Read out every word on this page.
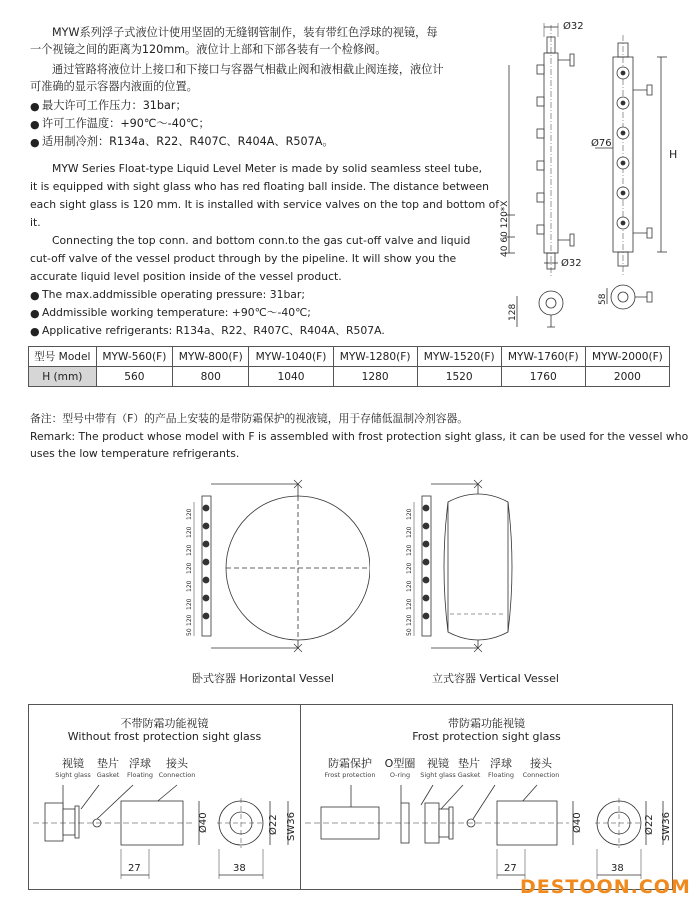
MYW系列浮子式液位计使用坚固的无缝钢管制作，装有带红色浮球的视镜，每
一个视镜之间的距离为120mm。液位计上部和下部各装有一个检修阀。
通过管路将液位计上接口和下接口与容器气相截止阀和液相截止阀连接，液位计
可准确的显示容器内液面的位置。
● 最大许可工作压力：31bar；
● 许可工作温度：+90℃～-40℃；
● 适用制冷剂：R134a、R22、R407C、R404A、R507A。
MYW Series Float-type Liquid Level Meter is made by solid seamless steel tube,
it is equipped with sight glass who has red floating ball inside. The distance between
each sight glass is 120 mm. It is installed with service valves on the top and bottom of
it.
Connecting the top conn. and bottom conn.to the gas cut-off valve and liquid
cut-off valve of the vessel product through by the pipeline. It will show you the
accurate liquid level position inside of the vessel product.
● The max.addmissible operating pressure: 31bar;
● Addmissible working temperature: +90℃～-40℃;
● Applicative refrigerants: R134a、R22、R407C、R404A、R507A.
Ø32
Ø76
H
Ø32
40 60 120*X
128
58
型号 Model	MYW-560(F)	MYW-800(F)	MYW-1040(F)	MYW-1280(F)	MYW-1520(F)	MYW-1760(F)	MYW-2000(F)
H (mm)	560	800	1040	1280	1520	1760	2000
备注：型号中带有（F）的产品上安装的是带防霜保护的视液镜，用于存储低温制冷剂容器。
Remark: The product whose model with F is assembled with frost protection sight glass, it can be used for the vessel who
uses the low temperature refrigerants.
120
120
120
120
120
120
120
50
卧式容器 Horizontal Vessel
120
120
120
120
120
120
120
50
立式容器 Vertical Vessel
不带防霜功能视镜
Without frost protection sight glass
视镜
Sight glass
垫片
Gasket
浮球
Floating
接头
Connection
Ø40	Ø22 SW36
27	38
带防霜功能视镜
Frost protection sight glass
防霜保护
Frost protection
O型圈
O-ring
视镜
Sight glass
垫片
Gasket
浮球
Floating
接头
Connection
Ø40	Ø22 SW36
27	38
DESTOON.COM
